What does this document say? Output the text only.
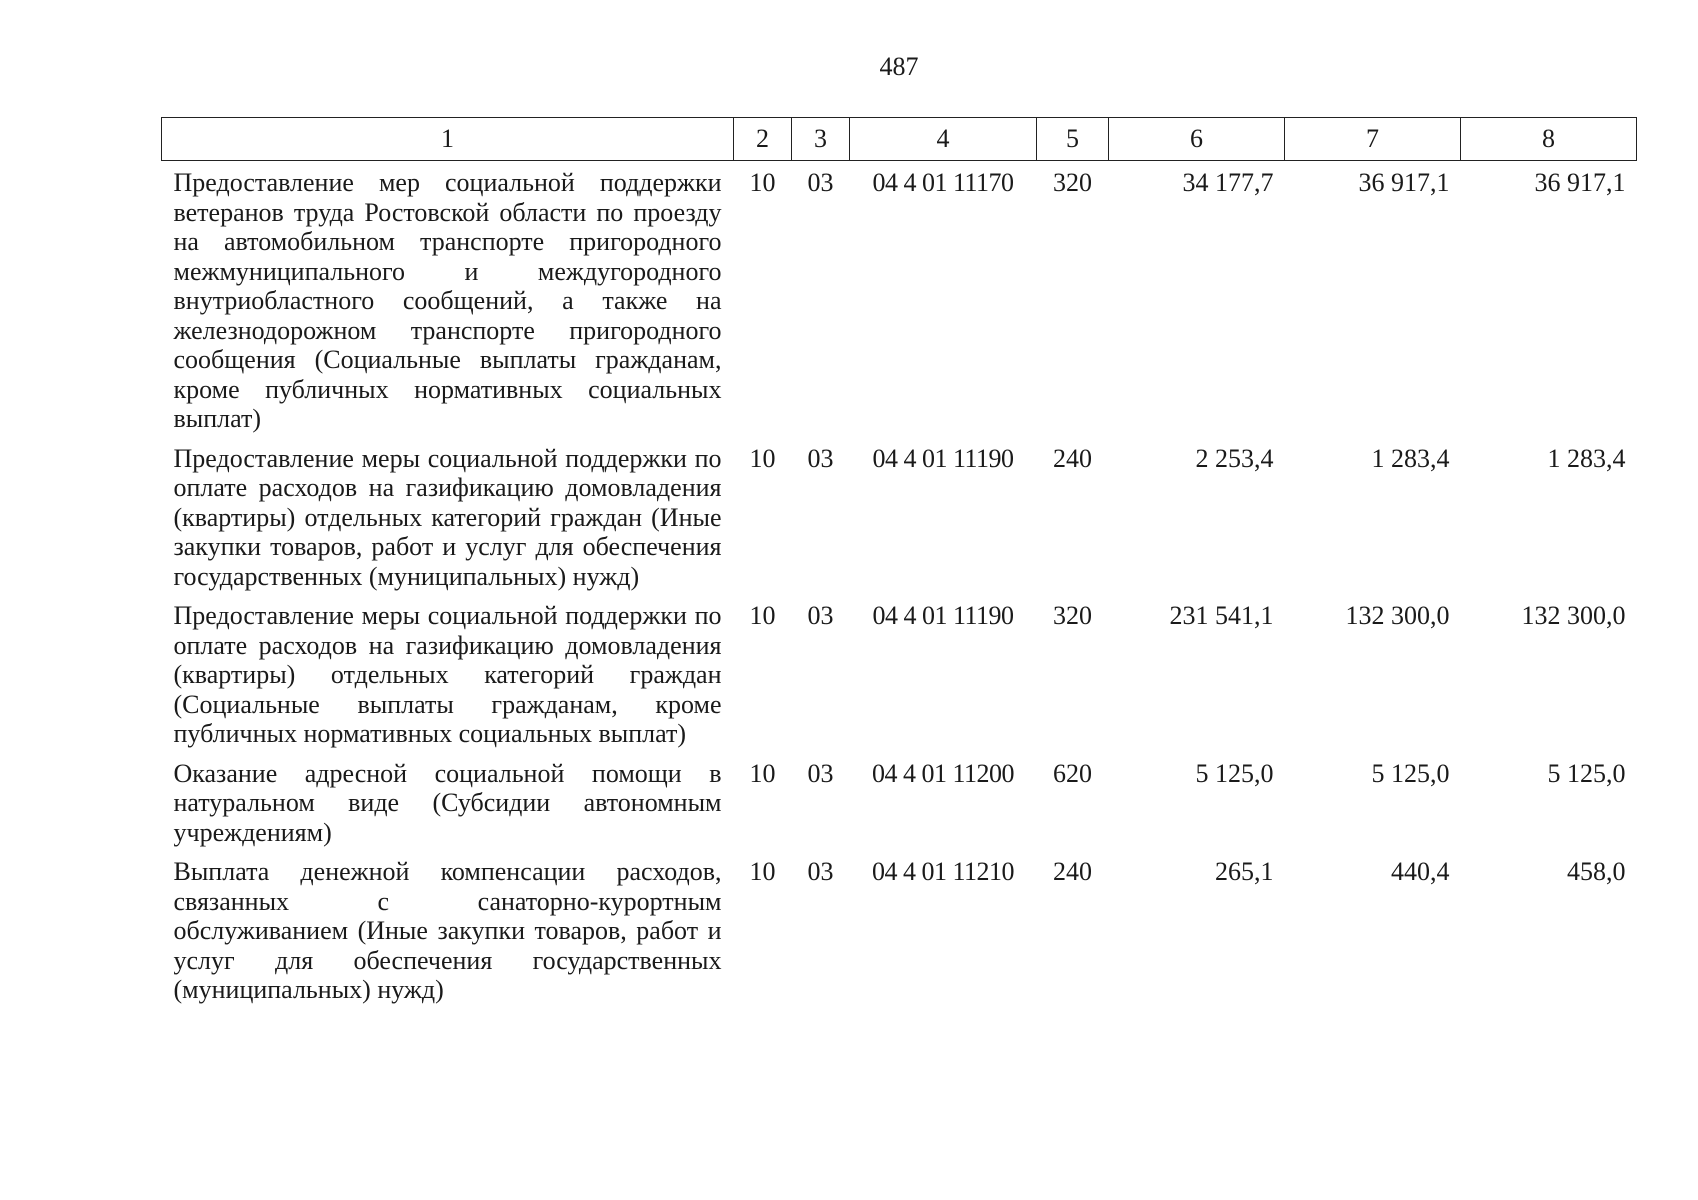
487
1	2	3	4	5	6	7	8
Предоставление мер социальной поддержки ветеранов труда Ростовской области по проезду на автомобильном транспорте пригородного межмуниципального и междугородного внутриобластного сообщений, а также на железнодорожном транспорте пригородного сообщения (Социальные выплаты гражданам, кроме публичных нормативных социальных выплат)	10	03	04 4 01 11170	320	34 177,7	36 917,1	36 917,1
Предоставление меры социальной поддержки по оплате расходов на газификацию домовладения (квартиры) отдельных категорий граждан (Иные закупки товаров, работ и услуг для обеспечения государственных (муниципальных) нужд)	10	03	04 4 01 11190	240	2 253,4	1 283,4	1 283,4
Предоставление меры социальной поддержки по оплате расходов на газификацию домовладения (квартиры) отдельных категорий граждан (Социальные выплаты гражданам, кроме публичных нормативных социальных выплат)	10	03	04 4 01 11190	320	231 541,1	132 300,0	132 300,0
Оказание адресной социальной помощи в натуральном виде (Субсидии автономным учреждениям)	10	03	04 4 01 11200	620	5 125,0	5 125,0	5 125,0
Выплата денежной компенсации расходов, связанных с санаторно-курортным обслуживанием (Иные закупки товаров, работ и услуг для обеспечения государственных (муниципальных) нужд)	10	03	04 4 01 11210	240	265,1	440,4	458,0
